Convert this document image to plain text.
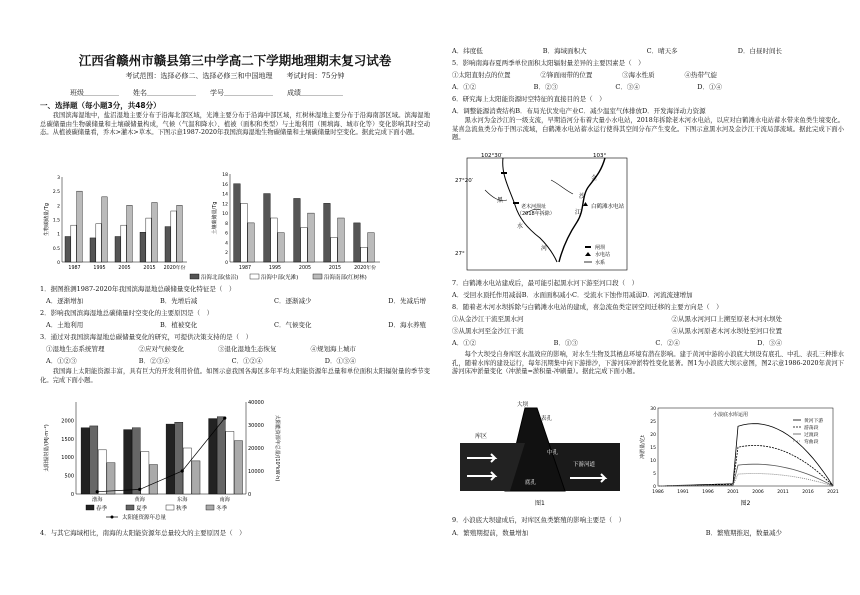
江西省赣州市赣县第三中学高二下学期地理期末复习试卷
考试范围：选择必修二、选择必修三和中国地理　　考试时间：75分钟
班级＿＿＿＿＿　　姓名＿＿＿＿＿＿＿　　学号＿＿＿＿＿＿＿　　成绩＿＿＿＿＿＿
一、选择题（每小题3分，共48分）
我国滨海湿地中，盐沼湿地主要分布于沿海北部区域，光滩主要分布于沿海中部区域，红树林湿地主要分布于沿海南部区域。滨海湿地总碳储量由生物碳储量和土壤碳储量构成，气候（气温和降水）、植被（面积和类型）与土地利用（围填海、城市化等）变化影响其时空动态。从植被碳储量看，乔木>灌木>草本。下图示意1987-2020年我国滨海湿地生物碳储量和土壤碳储量时空变化。据此完成下面小题。
0
0.5
1
1.5
2
2.5
3
生物碳储量/Tg
1987	1995	2005	2015 2020年份
0
2
4
6
8
10
12
14
16
18
土壤碳储量/Tg
1987	1995	2005	2015	2020年份
沿海北部(盐沼)	沿海中部(光滩)	沿海南部(红树林)
1．据图推测1987-2020年我国滨海湿地总碳储量变化特征是（　）
A．逐渐增加	B．先增后减	C．逐渐减少	D．先减后增
2．影响我国滨海湿地总碳储量时空变化的主要原因是（　）
A．土地利用	B．植被变化	C．气候变化	D．海水养殖
3．通过对我国滨海湿地总碳储量变化的研究，可提供决策支持的是（　）
①湿地生态系统管理	②应对气候变化	③退化湿地生态恢复	④规划海上城市
A．①②③	B．②③④	C．①②④	D．①③④
我国海上太阳能资源丰富，具有巨大的开发利用价值。如图示意我国各海区多年平均太阳能资源年总量和单位面积太阳辐射量的季节变化。完成下面小题。
0
500
1000
1500
2000
0
10000
20000
30000
40000
太阳辐射量/(MJ·m⁻²)	太阳能资源年总量/(10⁸kW·h)
渤海	黄海	东海	南海
春季	夏季	秋季	冬季
太阳能资源年总量
4．与其它海域相比，南海的太阳能资源年总量较大的主要原因是（　）
A．纬度低	B．海域面积大	C．晴天多	D．白昼时间长
5．影响南海春夏两季单位面积太阳辐射量差异的主要因素是（　）
①太阳直射点的位置	②锋面雨带的位置	③海水性质	④热带气旋
A．①②	B．②③	C．③④	D．①④
6．研究海上太阳能资源时空特征的直接目的是（　）
A．调整能源消费结构B．布局光伏发电产业C．减少温室气体排放D．开发海洋动力资源
黑水河为金沙江的一级支流，早期沿河分布着大量小水电站，2018年拆除老木河水电站，以应对白鹤滩水电站蓄水带来鱼类生境变化。某喜急流鱼类分布于图示流域，白鹤滩水电站蓄水运行使得其空间分布产生变化。下图示意黑水河及金沙江干流局部流域。据此完成下面小题。
102°30′	103°
27°20′
27°
黑
水
河
金
沙
江
老木河坝址
（2018年拆除）
白鹤滩水电站
闸坝
水电站
水系
7．白鹤滩水电站建成后，最可能引起黑水河下游至河口段（　）
A．受回水顶托作用减弱B．水面面积减小C．受流水下蚀作用减弱D．河流流速增加
8．随着老木河水坝拆除与白鹤滩水电站的建成，喜急流鱼类定居空间迁移的主要方向是（　）
①从金沙江干流至黑水河	②从黑水河河口上溯至原老木河水坝处
③从黑水河至金沙江干流	④从黑水河原老木河水坝处至河口位置
A．①②	B．①③	C．②④	D．③④
每个大坝受自身库区水温效应的影响，对水生生物及其栖息环境有潜在影响。建于黄河中游的小浪底大坝设有底孔、中孔、表孔三种排水孔，随着水库的建设运行，每年汛期集中向下游排沙，下游河床冲淤特性变化显著。图1为小浪底大坝示意图，图2示意1986-2020年黄河下游河床冲淤量变化（冲淤量=淤积量-冲刷量）。据此完成下面小题。
大坝
表孔
中孔
底孔
库区
下游河道
图1
0
5
10
15
20
25
30
1986	1991	1996	2001	2006	2011	2016	2021
冲淤量/亿t
小浪底水库运用
黄河下游
游荡段
过渡段
弯曲段
图2
9．小浪底大坝建成后，对库区鱼类繁殖的影响主要是（　）
A．繁殖期提前，数量增加	B．繁殖期推迟，数量减少
